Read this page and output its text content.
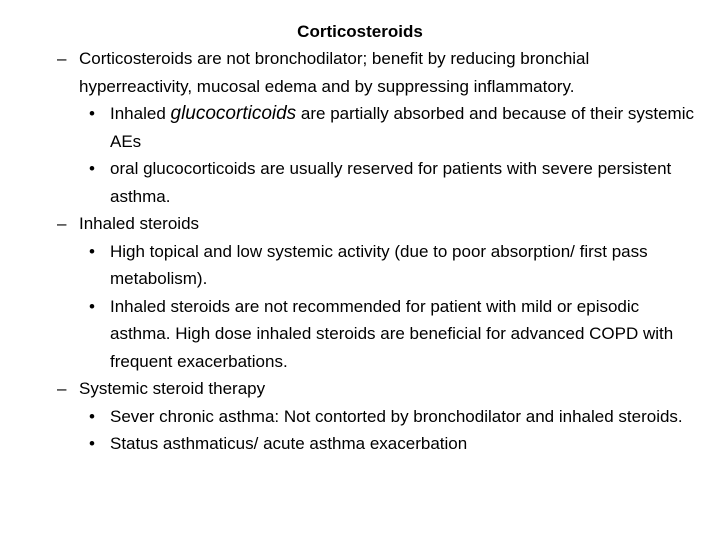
Corticosteroids
– Corticosteroids are not bronchodilator; benefit by reducing bronchial hyperreactivity, mucosal edema and by suppressing inflammatory.
• Inhaled glucocorticoids are partially absorbed and because of their systemic AEs
• oral glucocorticoids are usually reserved for patients with severe persistent asthma.
– Inhaled steroids
• High topical and low systemic activity (due to poor absorption/ first pass metabolism).
• Inhaled steroids are not recommended for patient with mild or episodic asthma. High dose inhaled steroids are beneficial for advanced COPD with frequent exacerbations.
– Systemic steroid therapy
• Sever chronic asthma: Not contorted by bronchodilator and inhaled steroids.
• Status asthmaticus/ acute asthma exacerbation
